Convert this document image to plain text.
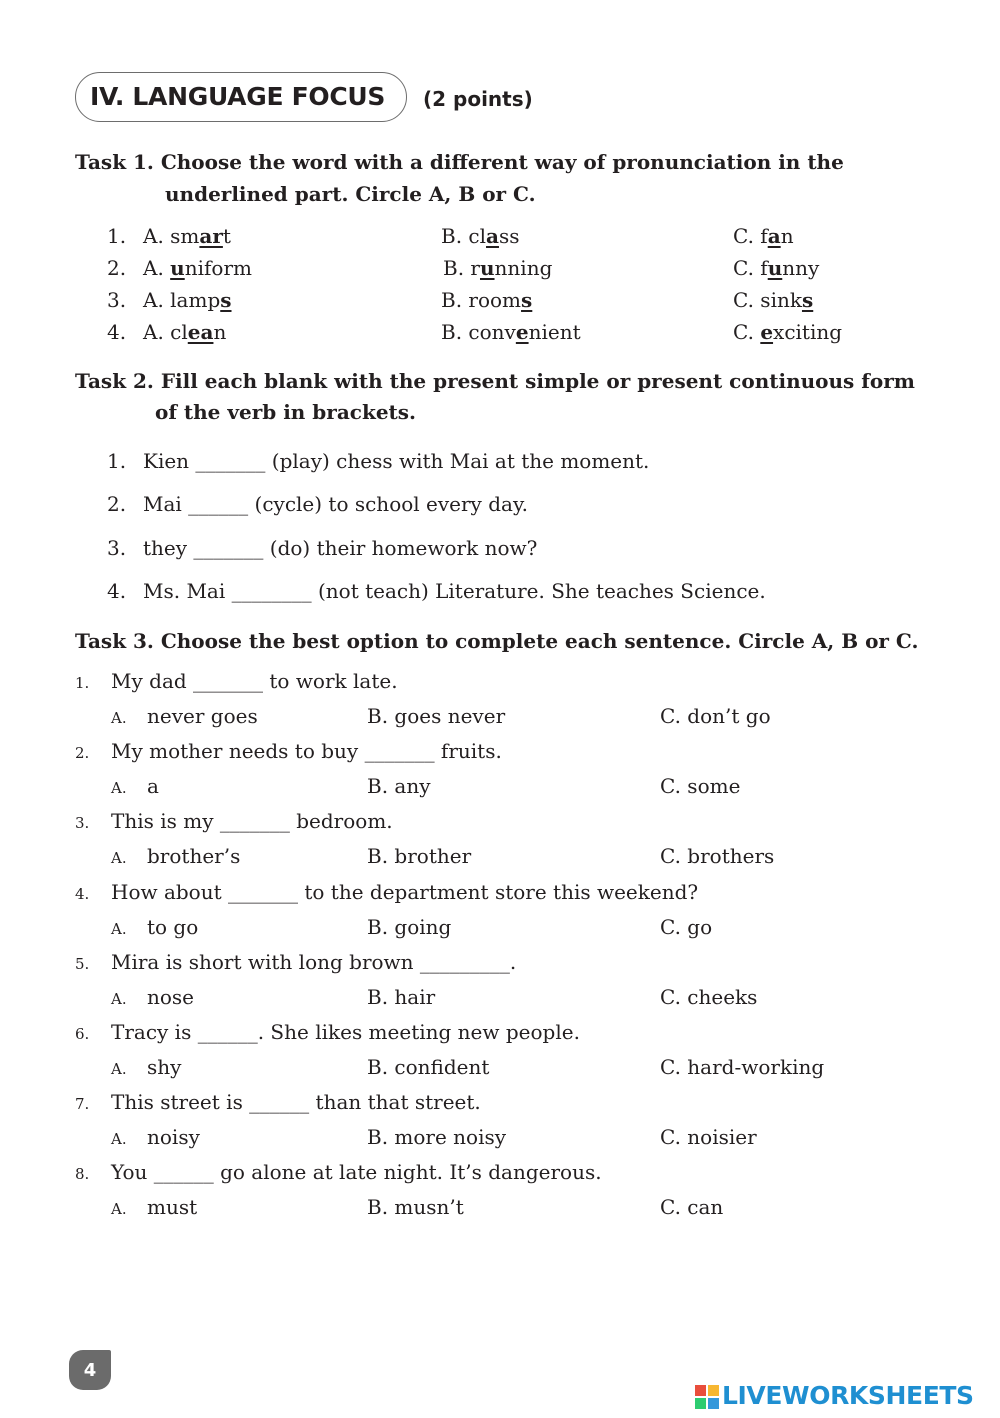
IV. LANGUAGE FOCUS (2 points)
Task 1. Choose the word with a different way of pronunciation in the
underlined part. Circle A, B or C.
1. A. smart	B. class	C. fan
2. A. uniform	B. running	C. funny
3. A. lamps	B. rooms	C. sinks
4. A. clean	B. convenient	C. exciting
Task 2. Fill each blank with the present simple or present continuous form
of the verb in brackets.
1. Kien _______ (play) chess with Mai at the moment.
2. Mai ______ (cycle) to school every day.
3. they _______ (do) their homework now?
4. Ms. Mai ________ (not teach) Literature. She teaches Science.
Task 3. Choose the best option to complete each sentence. Circle A, B or C.
1. My dad _______ to work late.
A. never goes	B. goes never	C. don’t go
2. My mother needs to buy _______ fruits.
A. a	B. any	C. some
3. This is my _______ bedroom.
A. brother’s	B. brother	C. brothers
4. How about _______ to the department store this weekend?
A. to go	B. going	C. go
5. Mira is short with long brown _________.
A. nose	B. hair	C. cheeks
6. Tracy is ______. She likes meeting new people.
A. shy	B. confident	C. hard-working
7. This street is ______ than that street.
A. noisy	B. more noisy	C. noisier
8. You ______ go alone at late night. It’s dangerous.
A. must	B. musn’t	C. can
4
LIVEWORKSHEETS
